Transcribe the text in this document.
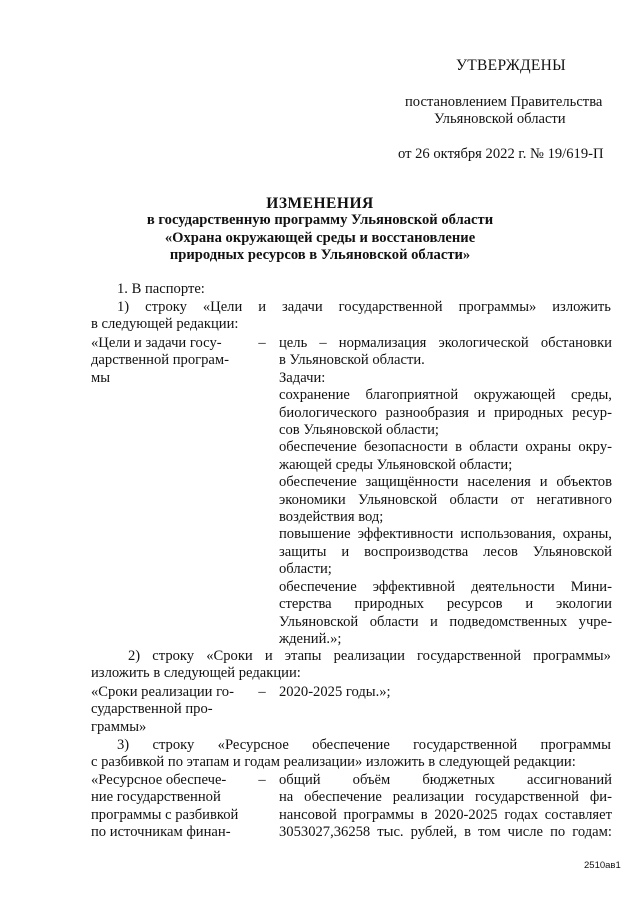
УТВЕРЖДЕНЫ
постановлением Правительства
Ульяновской области
от 26 октября 2022 г. № 19/619-П
ИЗМЕНЕНИЯ
в государственную программу Ульяновской области
«Охрана окружающей среды и восстановление
природных ресурсов в Ульяновской области»
1. В паспорте:
1) строку «Цели и задачи государственной программы» изложить
в следующей редакции:
«Цели и задачи госу-
дарственной програм-
мы
– цель – нормализация экологической обстановки
в Ульяновской области.
Задачи:
сохранение благоприятной окружающей среды,
биологического разнообразия и природных ресур-
сов Ульяновской области;
обеспечение безопасности в области охраны окру-
жающей среды Ульяновской области;
обеспечение защищённости населения и объектов
экономики Ульяновской области от негативного
воздействия вод;
повышение эффективности использования, охраны,
защиты и воспроизводства лесов Ульяновской
области;
обеспечение эффективной деятельности Мини-
стерства природных ресурсов и экологии
Ульяновской области и подведомственных учре-
ждений.»;
2) строку «Сроки и этапы реализации государственной программы»
изложить в следующей редакции:
«Сроки реализации го-
сударственной про-
граммы»
– 2020-2025 годы.»;
3) строку «Ресурсное обеспечение государственной программы
с разбивкой по этапам и годам реализации» изложить в следующей редакции:
«Ресурсное обеспече-
ние государственной
программы с разбивкой
по источникам финан-
– общий объём бюджетных ассигнований
на обеспечение реализации государственной фи-
нансовой программы в 2020-2025 годах составляет
3053027,36258 тыс. рублей, в том числе по годам:
2510ав1
